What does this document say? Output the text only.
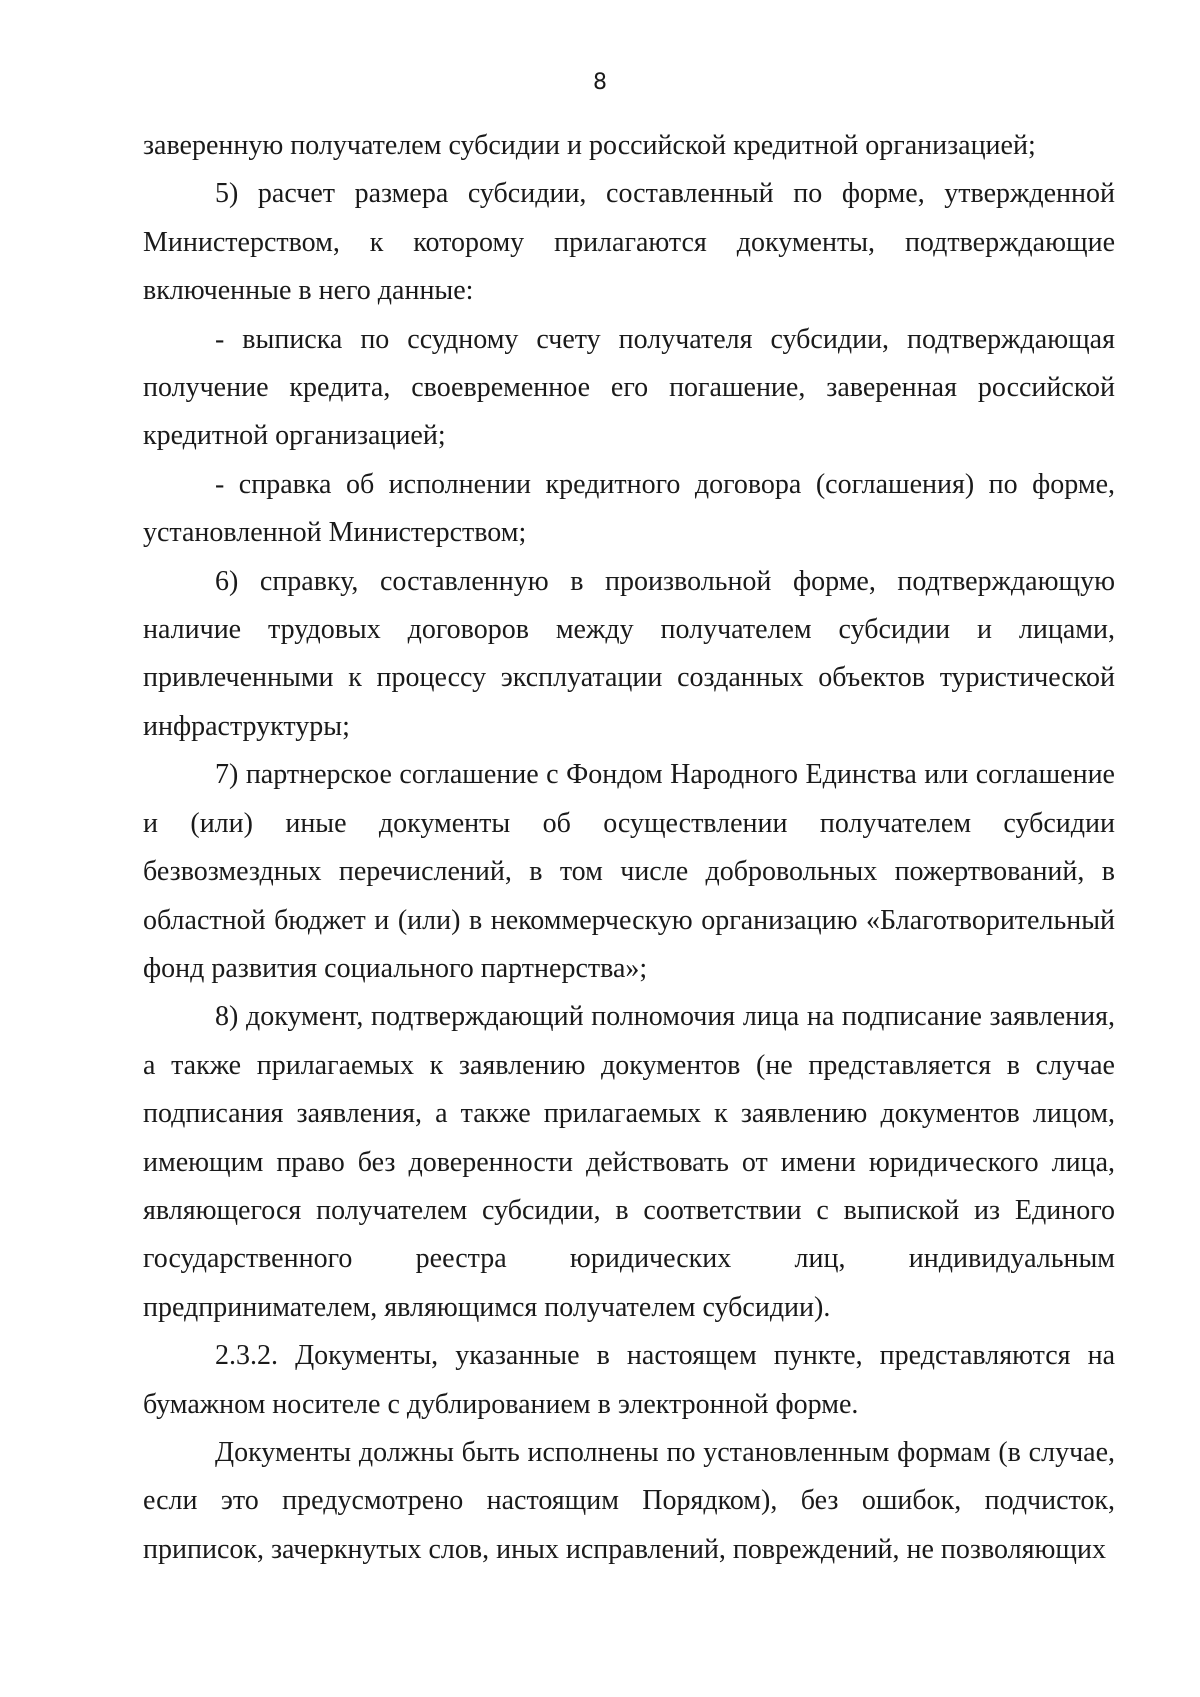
8

заверенную получателем субсидии и российской кредитной организацией;

5) расчет размера субсидии, составленный по форме, утвержденной Министерством, к которому прилагаются документы, подтверждающие включенные в него данные:

- выписка по ссудному счету получателя субсидии, подтверждающая получение кредита, своевременное его погашение, заверенная российской кредитной организацией;

- справка об исполнении кредитного договора (соглашения) по форме, установленной Министерством;

6) справку, составленную в произвольной форме, подтверждающую наличие трудовых договоров между получателем субсидии и лицами, привлеченными к процессу эксплуатации созданных объектов туристической инфраструктуры;

7) партнерское соглашение с Фондом Народного Единства или соглашение и (или) иные документы об осуществлении получателем субсидии безвозмездных перечислений, в том числе добровольных пожертвований, в областной бюджет и (или) в некоммерческую организацию «Благотворительный фонд развития социального партнерства»;

8) документ, подтверждающий полномочия лица на подписание заявления, а также прилагаемых к заявлению документов (не представляется в случае подписания заявления, а также прилагаемых к заявлению документов лицом, имеющим право без доверенности действовать от имени юридического лица, являющегося получателем субсидии, в соответствии с выпиской из Единого государственного реестра юридических лиц, индивидуальным предпринимателем, являющимся получателем субсидии).

2.3.2. Документы, указанные в настоящем пункте, представляются на бумажном носителе с дублированием в электронной форме.

Документы должны быть исполнены по установленным формам (в случае, если это предусмотрено настоящим Порядком), без ошибок, подчисток, приписок, зачеркнутых слов, иных исправлений, повреждений, не позволяющих
